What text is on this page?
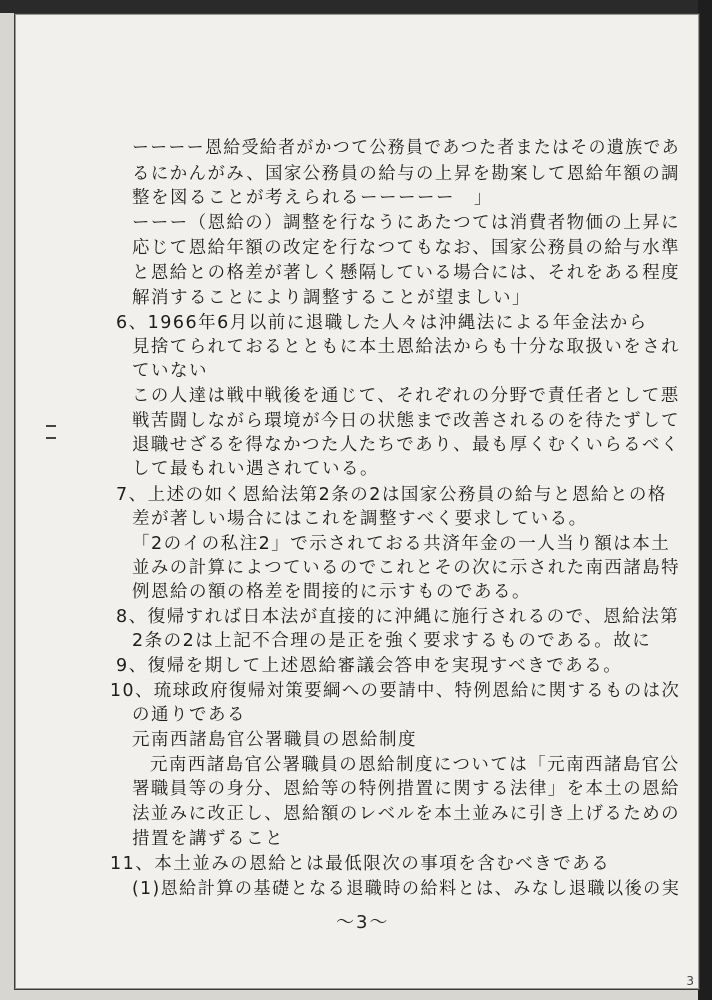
ーーーー恩給受給者がかつて公務員であつた者またはその遺族であ
るにかんがみ、国家公務員の給与の上昇を勘案して恩給年額の調
整を図ることが考えられるーーーーー　」
ーーー（恩給の）調整を行なうにあたつては消費者物価の上昇に
応じて恩給年額の改定を行なつてもなお、国家公務員の給与水準
と恩給との格差が著しく懸隔している場合には、それをある程度
解消することにより調整することが望ましい」
6、1966年6月以前に退職した人々は沖縄法による年金法から
見捨てられておるとともに本土恩給法からも十分な取扱いをされ
ていない
この人達は戦中戦後を通じて、それぞれの分野で責任者として悪
戦苦闘しながら環境が今日の状態まで改善されるのを待たずして
退職せざるを得なかつた人たちであり、最も厚くむくいらるべく
して最もれい遇されている。
7、上述の如く恩給法第2条の2は国家公務員の給与と恩給との格
差が著しい場合にはこれを調整すべく要求している。
「2のイの私注2」で示されておる共済年金の一人当り額は本土
並みの計算によつているのでこれとその次に示された南西諸島特
例恩給の額の格差を間接的に示すものである。
8、復帰すれば日本法が直接的に沖縄に施行されるので、恩給法第
2条の2は上記不合理の是正を強く要求するものである。故に
9、復帰を期して上述恩給審議会答申を実現すべきである。
10、琉球政府復帰対策要綱への要請中、特例恩給に関するものは次
の通りである
元南西諸島官公署職員の恩給制度
元南西諸島官公署職員の恩給制度については「元南西諸島官公
署職員等の身分、恩給等の特例措置に関する法律」を本土の恩給
法並みに改正し、恩給額のレベルを本土並みに引き上げるための
措置を講ずること
11、本土並みの恩給とは最低限次の事項を含むべきである
(1)恩給計算の基礎となる退職時の給料とは、みなし退職以後の実
～3～
3
